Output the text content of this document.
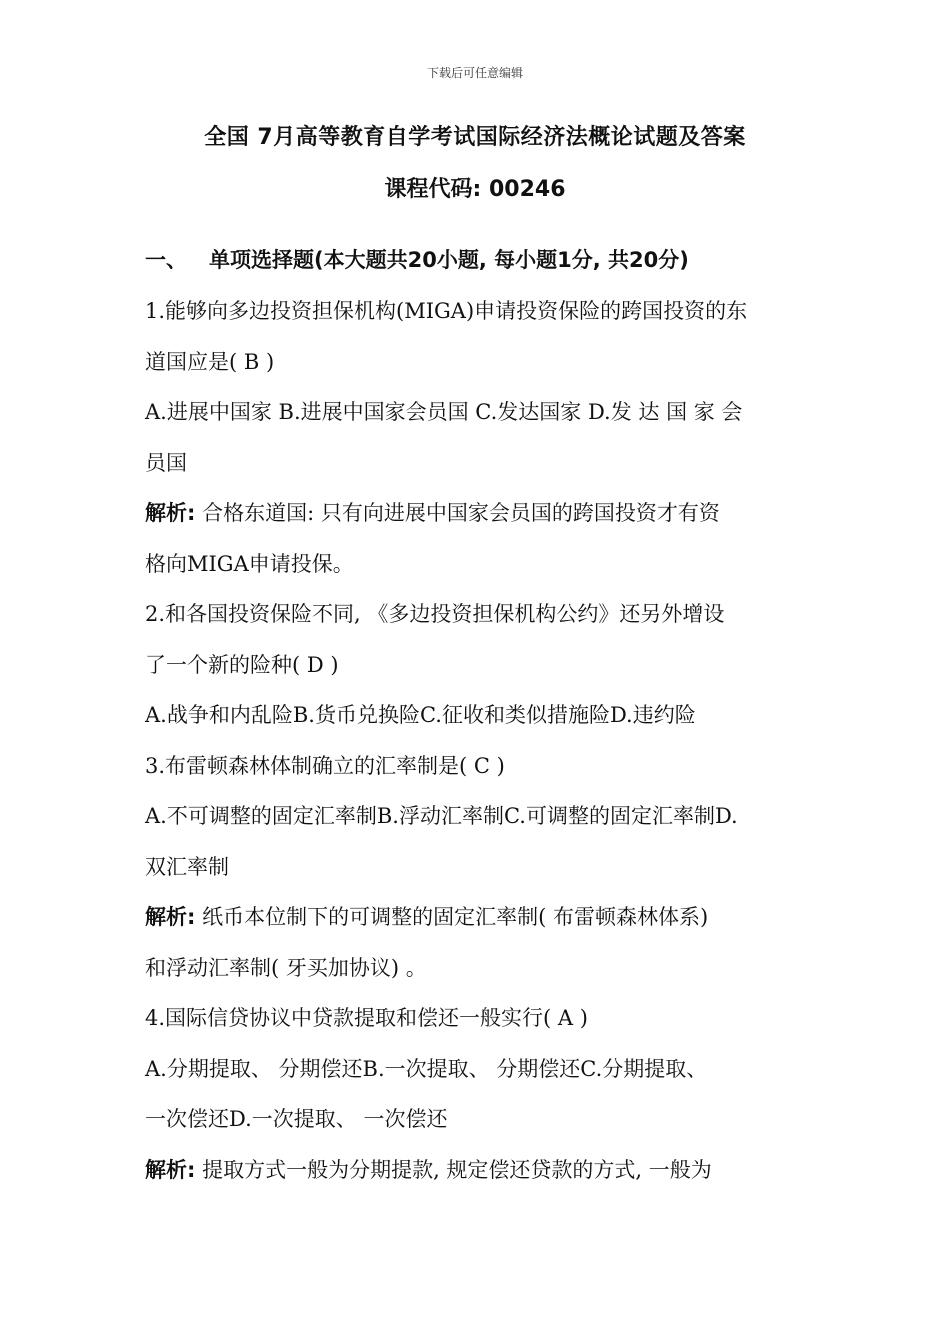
下载后可任意编辑
全国 7月高等教育自学考试国际经济法概论试题及答案
课程代码: 00246
一、 单项选择题(本大题共20小题, 每小题1分, 共20分)
1.能够向多边投资担保机构(MIGA)申请投资保险的跨国投资的东
道国应是( B )
A.进展中国家 B.进展中国家会员国 C.发达国家 D.发 达 国 家 会
员国
解析: 合格东道国: 只有向进展中国家会员国的跨国投资才有资
格向MIGA申请投保。
2.和各国投资保险不同, 《多边投资担保机构公约》还另外增设
了一个新的险种( D )
A.战争和内乱险B.货币兑换险C.征收和类似措施险D.违约险
3.布雷顿森林体制确立的汇率制是( C )
A.不可调整的固定汇率制B.浮动汇率制C.可调整的固定汇率制D.
双汇率制
解析: 纸币本位制下的可调整的固定汇率制( 布雷顿森林体系)
和浮动汇率制( 牙买加协议) 。
4.国际信贷协议中贷款提取和偿还一般实行( A )
A.分期提取、 分期偿还B.一次提取、 分期偿还C.分期提取、
一次偿还D.一次提取、 一次偿还
解析: 提取方式一般为分期提款, 规定偿还贷款的方式, 一般为
